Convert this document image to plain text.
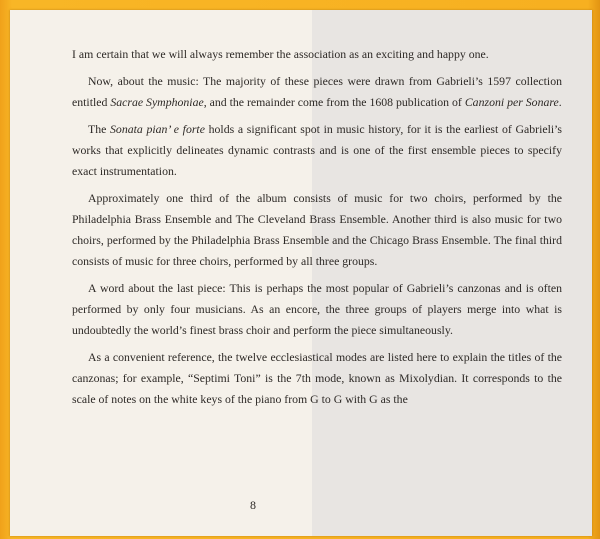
I am certain that we will always remember the association as an exciting and happy one.

Now, about the music: The majority of these pieces were drawn from Gabrieli’s 1597 collection entitled Sacrae Symphoniae, and the remainder come from the 1608 publication of Canzoni per Sonare.

The Sonata pian’ e forte holds a significant spot in music history, for it is the earliest of Gabrieli’s works that explicitly delineates dynamic contrasts and is one of the first ensemble pieces to specify exact instrumentation.

Approximately one third of the album consists of music for two choirs, performed by the Philadelphia Brass Ensemble and The Cleveland Brass Ensemble. Another third is also music for two choirs, performed by the Philadelphia Brass Ensemble and the Chicago Brass Ensemble. The final third consists of music for three choirs, performed by all three groups.

A word about the last piece: This is perhaps the most popular of Gabrieli’s canzonas and is often performed by only four musicians. As an encore, the three groups of players merge into what is undoubtedly the world’s finest brass choir and perform the piece simultaneously.

As a convenient reference, the twelve ecclesiastical modes are listed here to explain the titles of the canzonas; for example, “Septimi Toni” is the 7th mode, known as Mixolydian. It corresponds to the scale of notes on the white keys of the piano from G to G with G as the

8
